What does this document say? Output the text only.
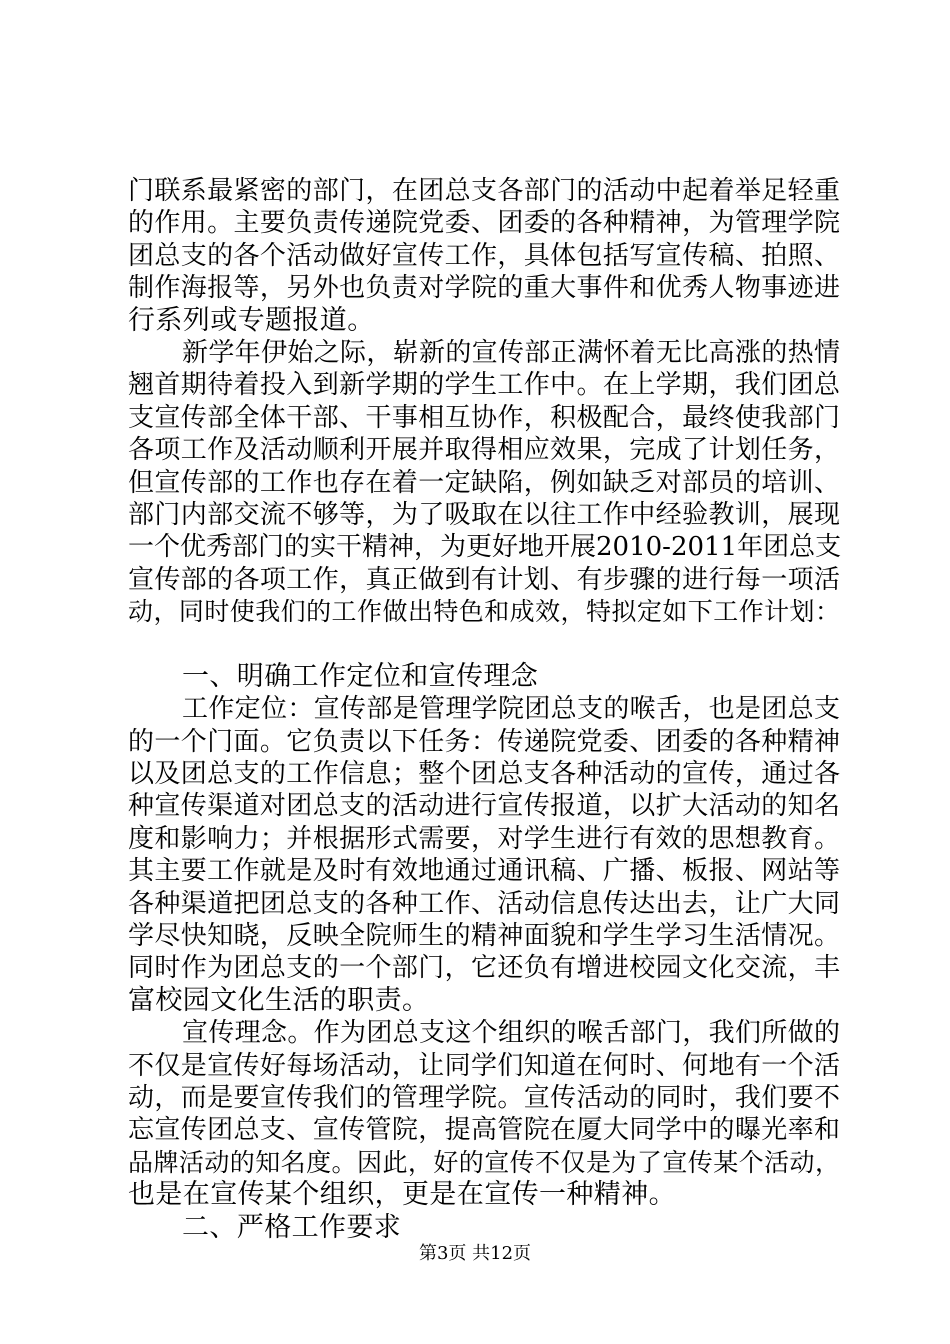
门联系最紧密的部门，在团总支各部门的活动中起着举足轻重
的作用。主要负责传递院党委、团委的各种精神，为管理学院
团总支的各个活动做好宣传工作，具体包括写宣传稿、拍照、
制作海报等，另外也负责对学院的重大事件和优秀人物事迹进
行系列或专题报道。
新学年伊始之际，崭新的宣传部正满怀着无比高涨的热情
翘首期待着投入到新学期的学生工作中。在上学期，我们团总
支宣传部全体干部、干事相互协作，积极配合，最终使我部门
各项工作及活动顺利开展并取得相应效果，完成了计划任务，
但宣传部的工作也存在着一定缺陷，例如缺乏对部员的培训、
部门内部交流不够等，为了吸取在以往工作中经验教训，展现
一个优秀部门的实干精神，为更好地开展2010-2011年团总支
宣传部的各项工作，真正做到有计划、有步骤的进行每一项活
动，同时使我们的工作做出特色和成效，特拟定如下工作计划：
一、明确工作定位和宣传理念
工作定位：宣传部是管理学院团总支的喉舌，也是团总支
的一个门面。它负责以下任务：传递院党委、团委的各种精神
以及团总支的工作信息；整个团总支各种活动的宣传，通过各
种宣传渠道对团总支的活动进行宣传报道，以扩大活动的知名
度和影响力；并根据形式需要，对学生进行有效的思想教育。
其主要工作就是及时有效地通过通讯稿、广播、板报、网站等
各种渠道把团总支的各种工作、活动信息传达出去，让广大同
学尽快知晓，反映全院师生的精神面貌和学生学习生活情况。
同时作为团总支的一个部门，它还负有增进校园文化交流，丰
富校园文化生活的职责。
宣传理念。作为团总支这个组织的喉舌部门，我们所做的
不仅是宣传好每场活动，让同学们知道在何时、何地有一个活
动，而是要宣传我们的管理学院。宣传活动的同时，我们要不
忘宣传团总支、宣传管院，提高管院在厦大同学中的曝光率和
品牌活动的知名度。因此，好的宣传不仅是为了宣传某个活动，
也是在宣传某个组织，更是在宣传一种精神。
二、严格工作要求
第3页 共12页
